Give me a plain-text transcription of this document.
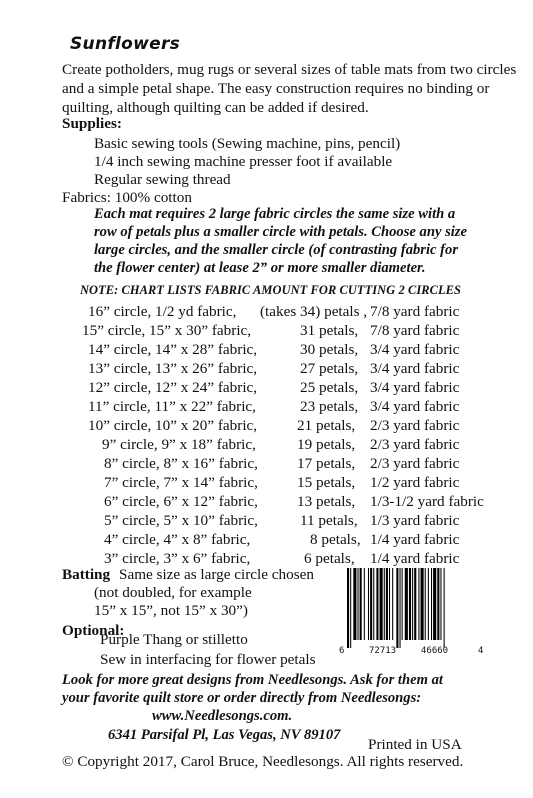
Sunflowers
Create potholders, mug rugs or several sizes of table mats from two circles and a simple petal shape. The easy construction requires no binding or quilting, although quilting can be added if desired.
Supplies:
Basic sewing tools (Sewing machine, pins, pencil)
1/4 inch sewing machine presser foot if available
Regular sewing thread
Fabrics: 100% cotton
Each mat requires 2 large fabric circles the same size with a
row of petals plus a smaller circle with petals. Choose any size
large circles, and the smaller circle (of contrasting fabric for
the flower center) at lease 2” or more smaller diameter.
NOTE: CHART LISTS FABRIC AMOUNT FOR CUTTING 2 CIRCLES
16” circle, 1/2 yd fabric, (takes 34) petals , 7/8 yard fabric
15” circle, 15” x 30” fabric,	31 petals, 7/8 yard fabric
14” circle, 14” x 28” fabric,	30 petals, 3/4 yard fabric
13” circle, 13” x 26” fabric,	27 petals, 3/4 yard fabric
12” circle, 12” x 24” fabric,	25 petals, 3/4 yard fabric
11” circle, 11” x 22” fabric,	23 petals, 3/4 yard fabric
10” circle, 10” x 20” fabric,	21 petals, 2/3 yard fabric
9” circle, 9” x 18” fabric,	19 petals, 2/3 yard fabric
8” circle, 8” x 16” fabric,	17 petals, 2/3 yard fabric
7” circle, 7” x 14” fabric,	15 petals, 1/2 yard fabric
6” circle, 6” x 12” fabric,	13 petals, 1/3-1/2 yard fabric
5” circle, 5” x 10” fabric,	11 petals, 1/3 yard fabric
4” circle, 4” x 8” fabric,	8 petals, 1/4 yard fabric
3” circle, 3” x 6” fabric,	6 petals, 1/4 yard fabric
Batting Same size as large circle chosen
(not doubled, for example
15” x 15”, not 15” x 30”)
Optional:
Purple Thang or stilletto
Sew in interfacing for flower petals	6	72713	46660	4
Look for more great designs from Needlesongs. Ask for them at
your favorite quilt store or order directly from Needlesongs:
www.Needlesongs.com.
6341 Parsifal Pl, Las Vegas, NV 89107
Printed in USA
© Copyright 2017, Carol Bruce, Needlesongs. All rights reserved.
